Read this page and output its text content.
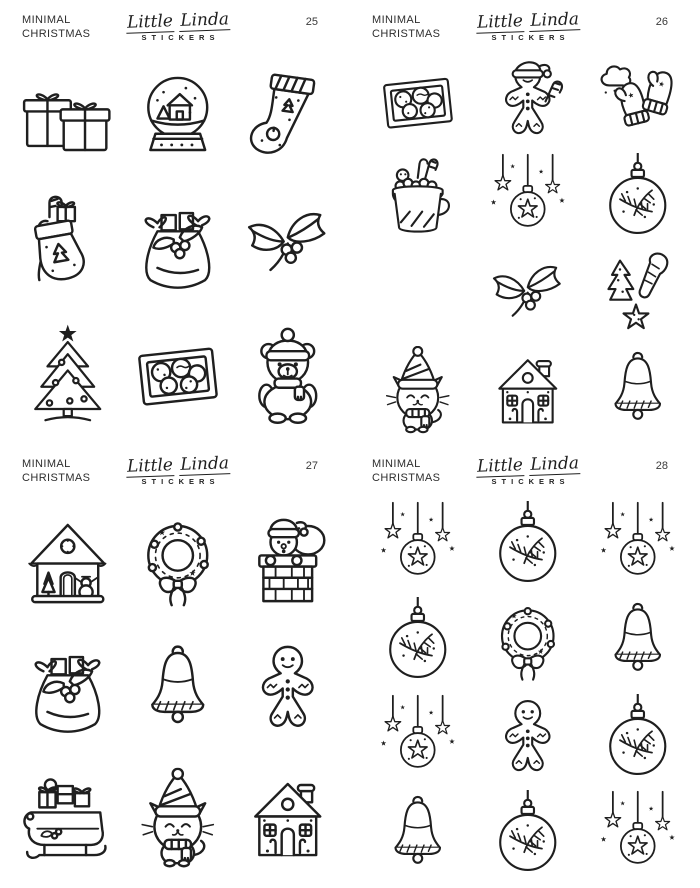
MINIMAL
CHRISTMAS
Little Linda
STICKERS
25	MINIMAL
CHRISTMAS
Little Linda
STICKERS
26
MINIMAL
CHRISTMAS
Little Linda
STICKERS
27	MINIMAL
CHRISTMAS
Little Linda
STICKERS
28
